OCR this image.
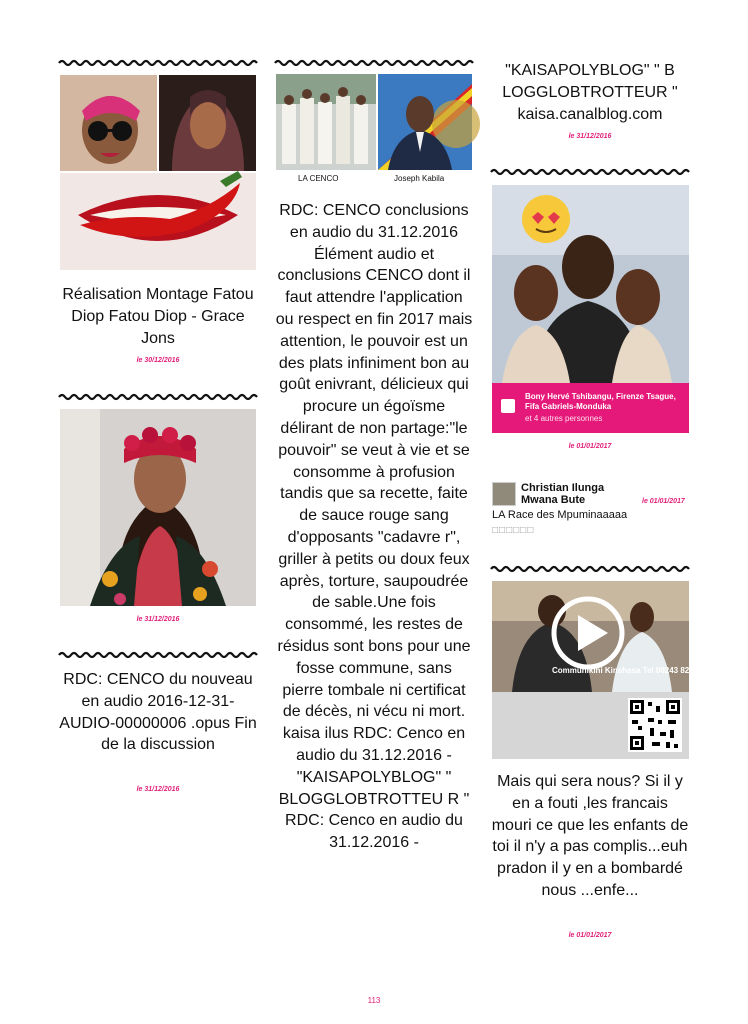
Réalisation Montage Fatou Diop Fatou Diop - Grace Jons
le 30/12/2016
le 31/12/2016
RDC: CENCO du nouveau en audio 2016-12-31-AUDIO-00000006 .opus Fin de la discussion
le 31/12/2016
LA CENCO	Joseph Kabila
RDC: CENCO conclusions en audio du 31.12.2016 Élément audio et conclusions CENCO dont il faut attendre l'application ou respect en fin 2017 mais attention, le pouvoir est un des plats infiniment bon au goût enivrant, délicieux qui procure un égoïsme délirant de non partage:"le pouvoir" se veut à vie et se consomme à profusion tandis que sa recette, faite de sauce rouge sang d'opposants "cadavre r", griller à petits ou doux feux après, torture, saupoudrée de sable.Une fois consommé, les restes de résidus sont bons pour une fosse commune, sans pierre tombale ni certificat de décès, ni vécu ni mort. kaisa ilus RDC: Cenco en audio du 31.12.2016 - "KAISAPOLYBLOG" " BLOGGLOBTROTTEU R " RDC: Cenco en audio du 31.12.2016 -
"KAISAPOLYBLOG" " B LOGGLOBTROTTEUR " kaisa.canalblog.com
le 31/12/2016
Bony Hervé Tshibangu, Firenze Tsague, Fifa Gabriels-Monduka
et 4 autres personnes
le 01/01/2017
Christian Ilunga Mwana Bute	le 01/01/2017
LA Race des Mpuminaaaaa
□□□□□□
Communikini Kinshasa Tel 00243 82 53 55 565
Mais qui sera nous? Si il y en a fouti ,les francais mouri ce que les enfants de toi il n'y a pas complis...euh pradon il y en a bombardé nous ...enfe...
le 01/01/2017
113
